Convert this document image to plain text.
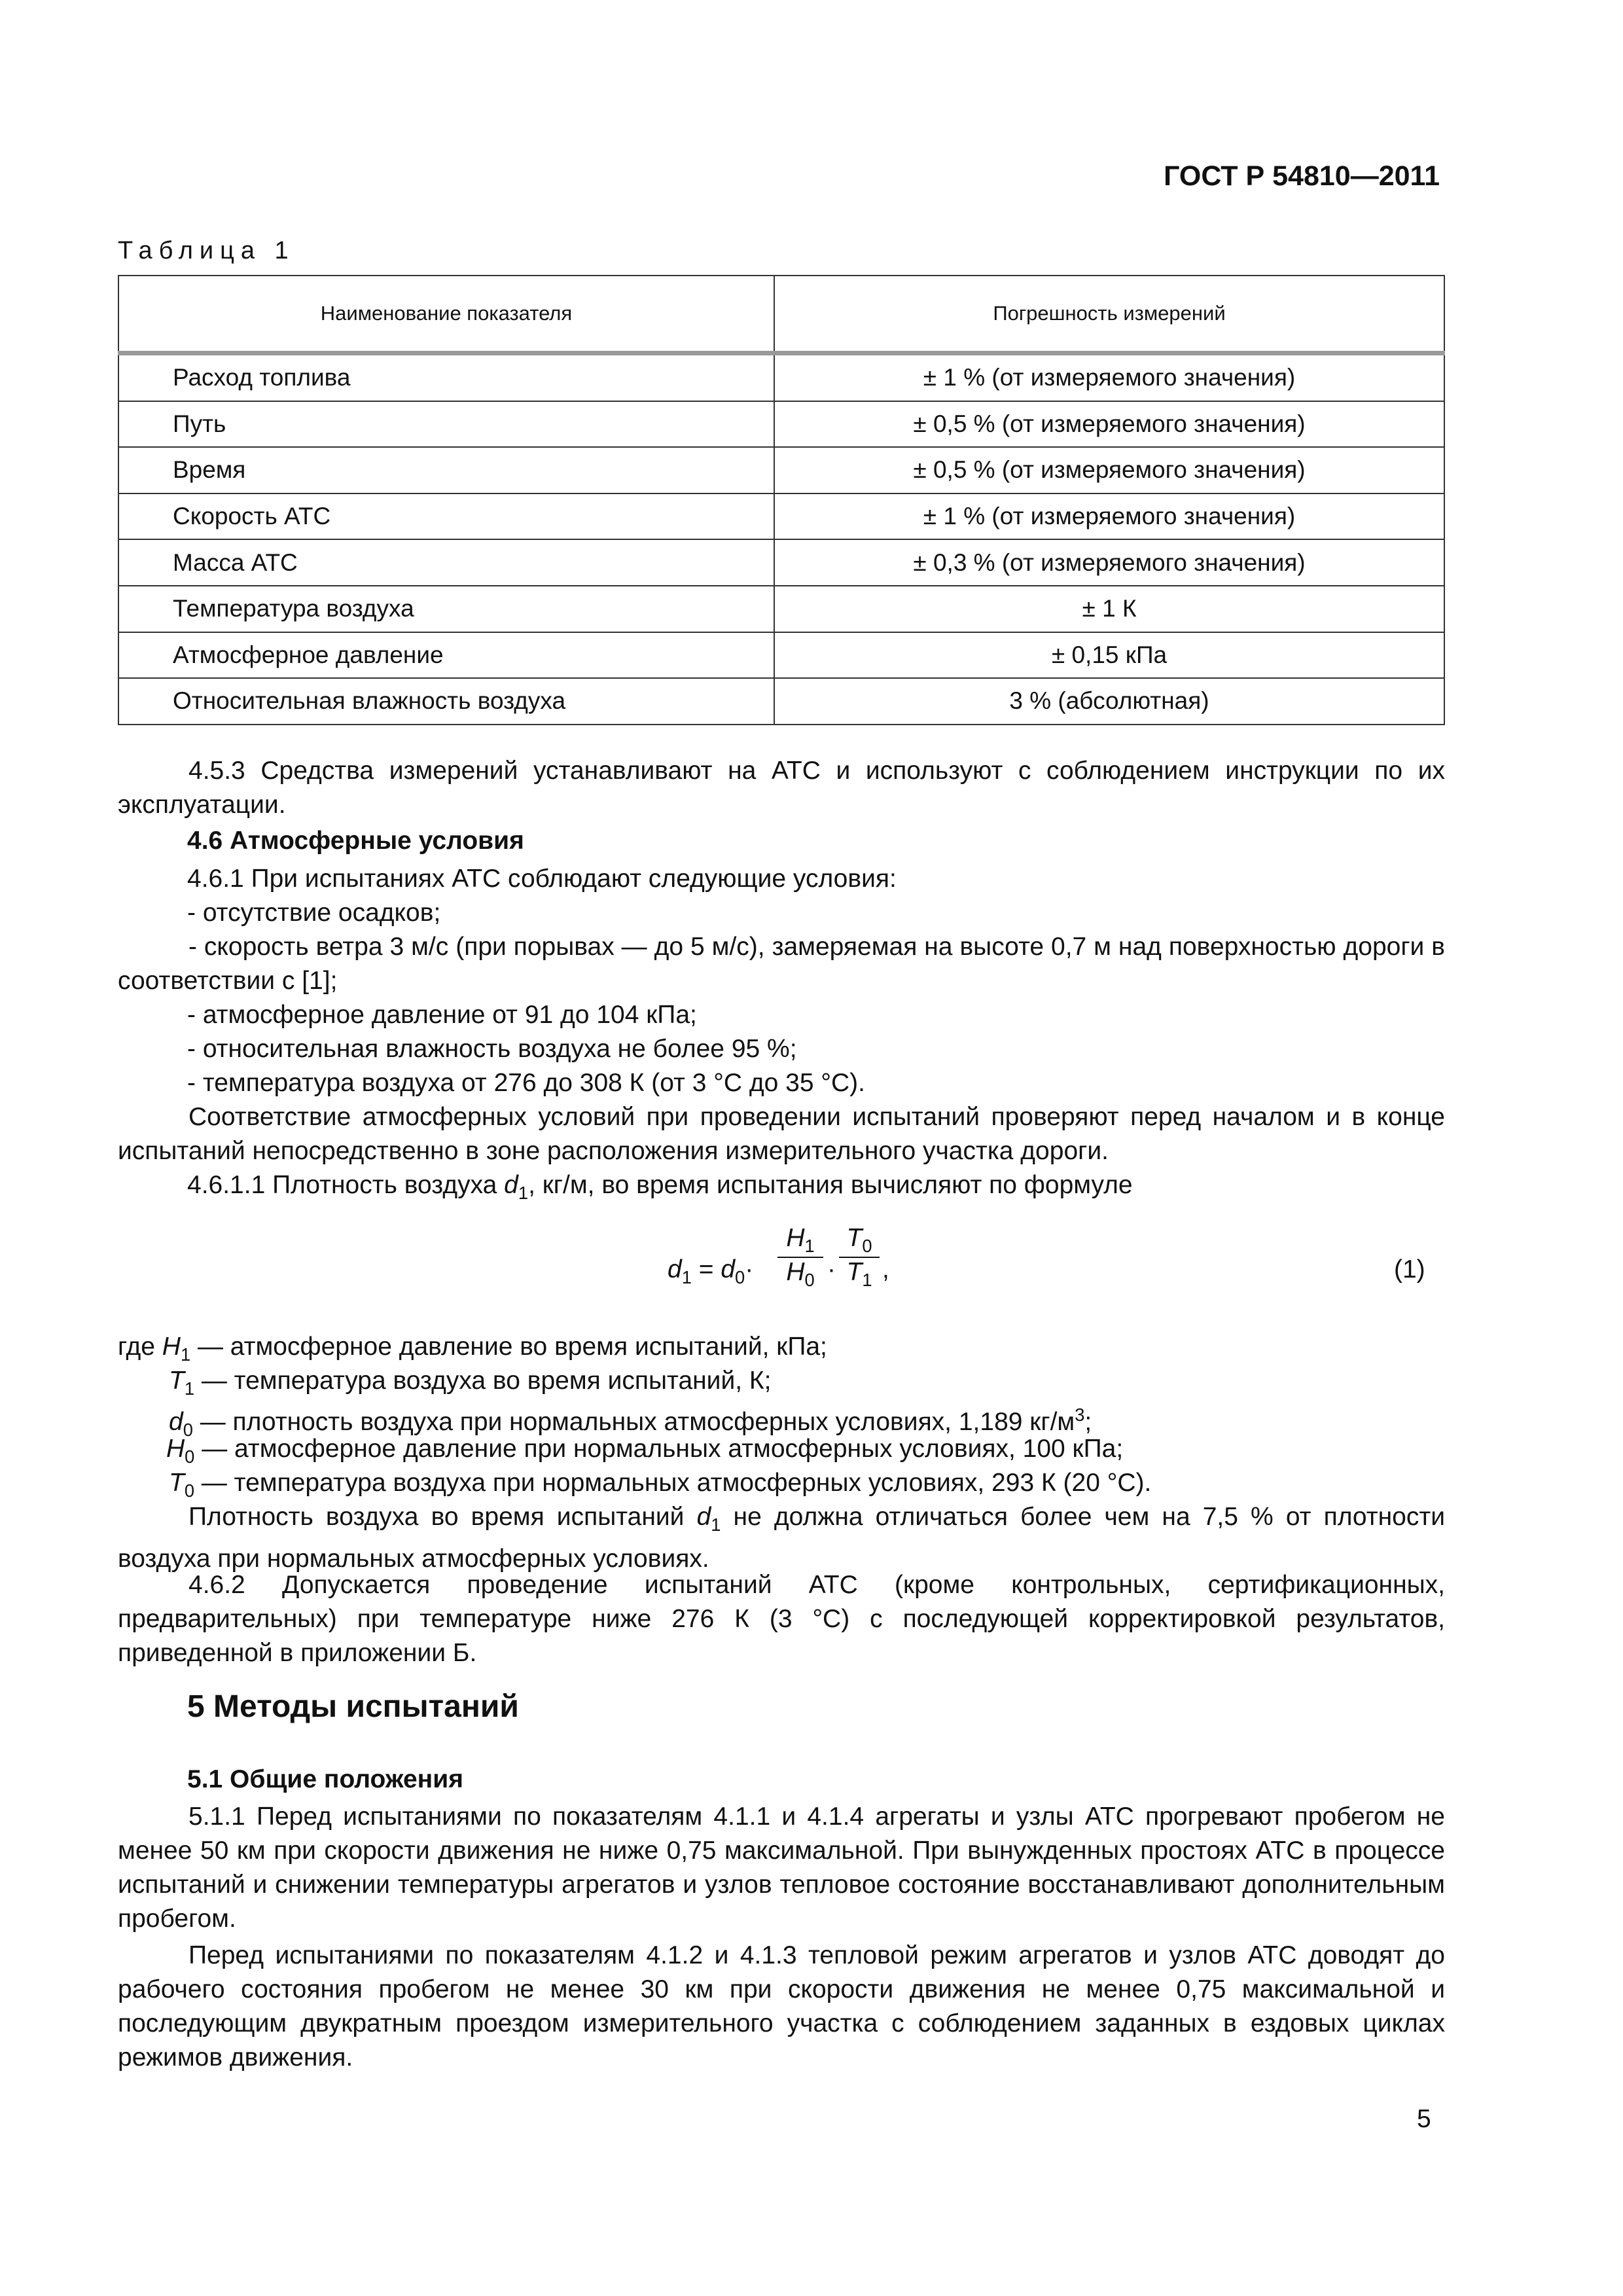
ГОСТ Р 54810—2011
Таблица 1
Наименование показателя	Погрешность измерений
Расход топлива	± 1 % (от измеряемого значения)
Путь	± 0,5 % (от измеряемого значения)
Время	± 0,5 % (от измеряемого значения)
Скорость АТС	± 1 % (от измеряемого значения)
Масса АТС	± 0,3 % (от измеряемого значения)
Температура воздуха	± 1 К
Атмосферное давление	± 0,15 кПа
Относительная влажность воздуха	3 % (абсолютная)
4.5.3 Средства измерений устанавливают на АТС и используют с соблюдением инструкции по их эксплуатации.
4.6 Атмосферные условия
4.6.1 При испытаниях АТС соблюдают следующие условия:
- отсутствие осадков;
- скорость ветра 3 м/с (при порывах — до 5 м/с), замеряемая на высоте 0,7 м над поверхностью дороги в соответствии с [1];
- атмосферное давление от 91 до 104 кПа;
- относительная влажность воздуха не более 95 %;
- температура воздуха от 276 до 308 К (от 3 °С до 35 °С).
Соответствие атмосферных условий при проведении испытаний проверяют перед началом и в конце испытаний непосредственно в зоне расположения измерительного участка дороги.
4.6.1.1 Плотность воздуха $d_1$, кг/м, во время испытания вычисляют по формуле
$d_1 = d_0\cdot$
$H_1$
$H_0$ ·
$T_0$
$T_1$ ,	(1)
где $H_1$ — атмосферное давление во время испытаний, кПа;
$T_1$ — температура воздуха во время испытаний, К;
$d_0$ — плотность воздуха при нормальных атмосферных условиях, 1,189 $кг/м^3$;
$H_0$ — атмосферное давление при нормальных атмосферных условиях, 100 кПа;
$T_0$ — температура воздуха при нормальных атмосферных условиях, 293 К (20 °С).
Плотность воздуха во время испытаний $d_1$ не должна отличаться более чем на 7,5 % от плотности воздуха при нормальных атмосферных условиях.
4.6.2 Допускается проведение испытаний АТС (кроме контрольных, сертификационных, предварительных) при температуре ниже 276 К (3 °С) с последующей корректировкой результатов, приведенной в приложении Б.
5 Методы испытаний
5.1 Общие положения
5.1.1 Перед испытаниями по показателям 4.1.1 и 4.1.4 агрегаты и узлы АТС прогревают пробегом не менее 50 км при скорости движения не ниже 0,75 максимальной. При вынужденных простоях АТС в процессе испытаний и снижении температуры агрегатов и узлов тепловое состояние восстанавливают дополнительным пробегом.
Перед испытаниями по показателям 4.1.2 и 4.1.3 тепловой режим агрегатов и узлов АТС доводят до рабочего состояния пробегом не менее 30 км при скорости движения не менее 0,75 максимальной и последующим двукратным проездом измерительного участка с соблюдением заданных в ездовых циклах режимов движения.
5
